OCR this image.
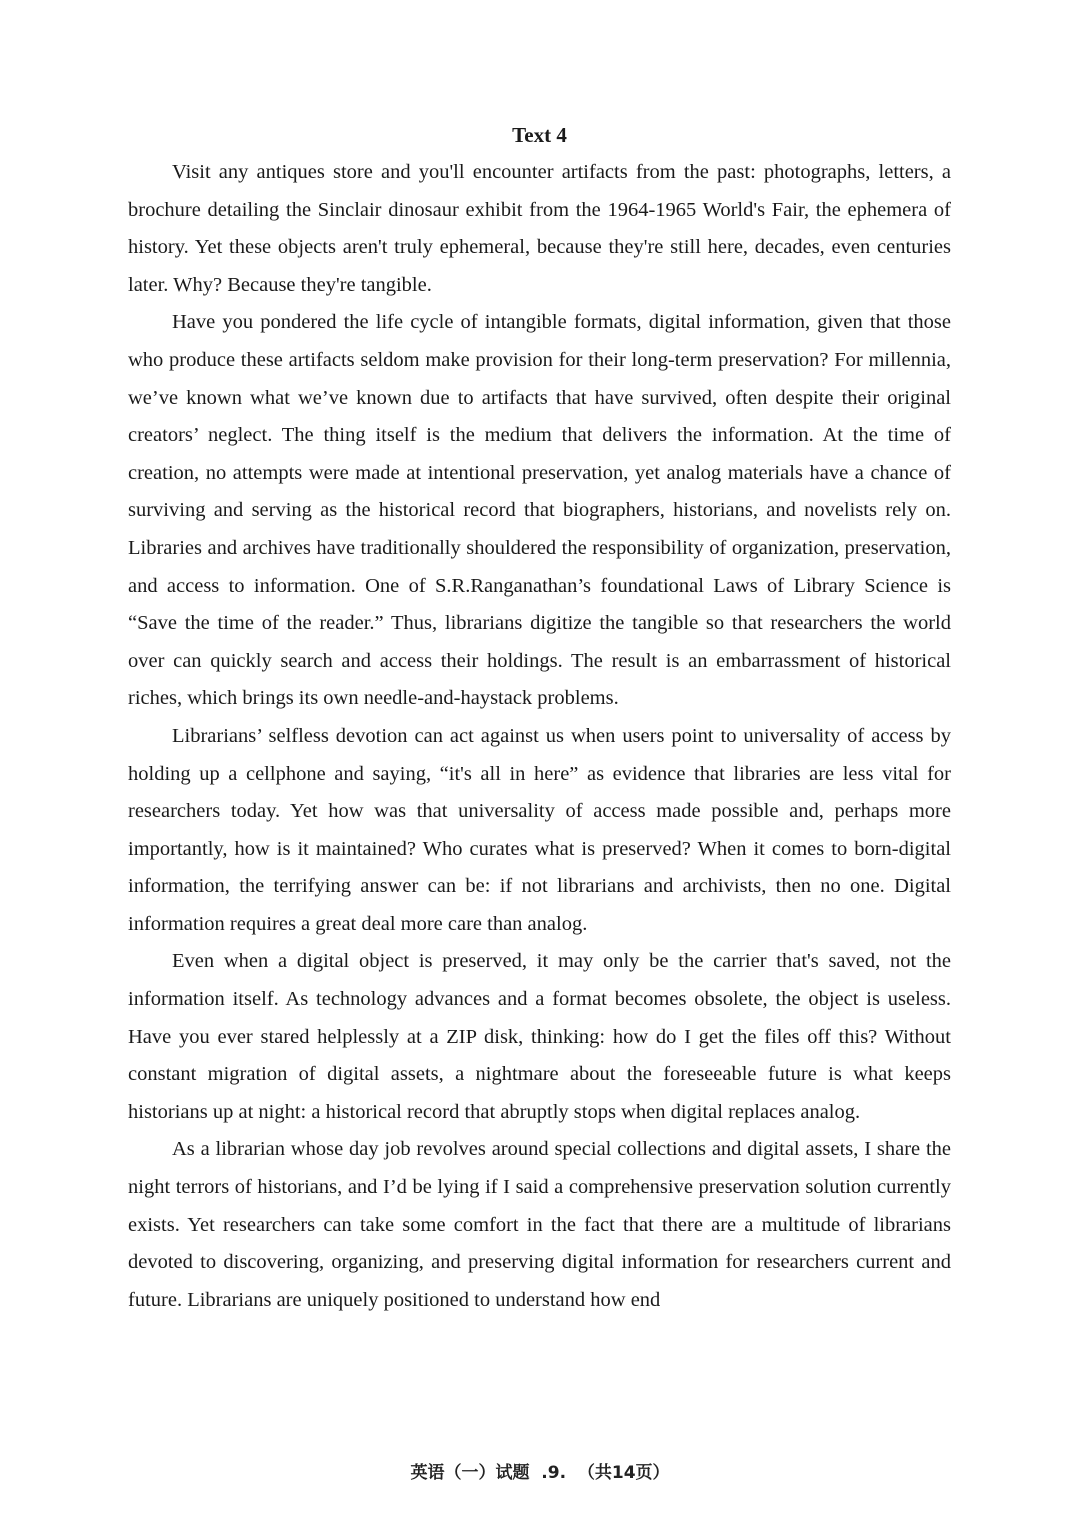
Text 4

Visit any antiques store and you'll encounter artifacts from the past: photographs, letters, a brochure detailing the Sinclair dinosaur exhibit from the 1964-1965 World's Fair, the ephemera of history. Yet these objects aren't truly ephemeral, because they're still here, decades, even centuries later. Why? Because they're tangible.

Have you pondered the life cycle of intangible formats, digital information, given that those who produce these artifacts seldom make provision for their long-term preservation? For millennia, we’ve known what we’ve known due to artifacts that have survived, often despite their original creators’ neglect. The thing itself is the medium that delivers the information. At the time of creation, no attempts were made at intentional preservation, yet analog materials have a chance of surviving and serving as the historical record that biographers, historians, and novelists rely on. Libraries and archives have traditionally shouldered the responsibility of organization, preservation, and access to information. One of S.R.Ranganathan’s foundational Laws of Library Science is “Save the time of the reader.” Thus, librarians digitize the tangible so that researchers the world over can quickly search and access their holdings. The result is an embarrassment of historical riches, which brings its own needle-and-haystack problems.

Librarians’ selfless devotion can act against us when users point to universality of access by holding up a cellphone and saying, “it's all in here” as evidence that libraries are less vital for researchers today. Yet how was that universality of access made possible and, perhaps more importantly, how is it maintained? Who curates what is preserved? When it comes to born-digital information, the terrifying answer can be: if not librarians and archivists, then no one. Digital information requires a great deal more care than analog.

Even when a digital object is preserved, it may only be the carrier that's saved, not the information itself. As technology advances and a format becomes obsolete, the object is useless. Have you ever stared helplessly at a ZIP disk, thinking: how do I get the files off this? Without constant migration of digital assets, a nightmare about the foreseeable future is what keeps historians up at night: a historical record that abruptly stops when digital replaces analog.

As a librarian whose day job revolves around special collections and digital assets, I share the night terrors of historians, and I’d be lying if I said a comprehensive preservation solution currently exists. Yet researchers can take some comfort in the fact that there are a multitude of librarians devoted to discovering, organizing, and preserving digital information for researchers current and future. Librarians are uniquely positioned to understand how end

英语（一）试题  .9.  （共14页）
